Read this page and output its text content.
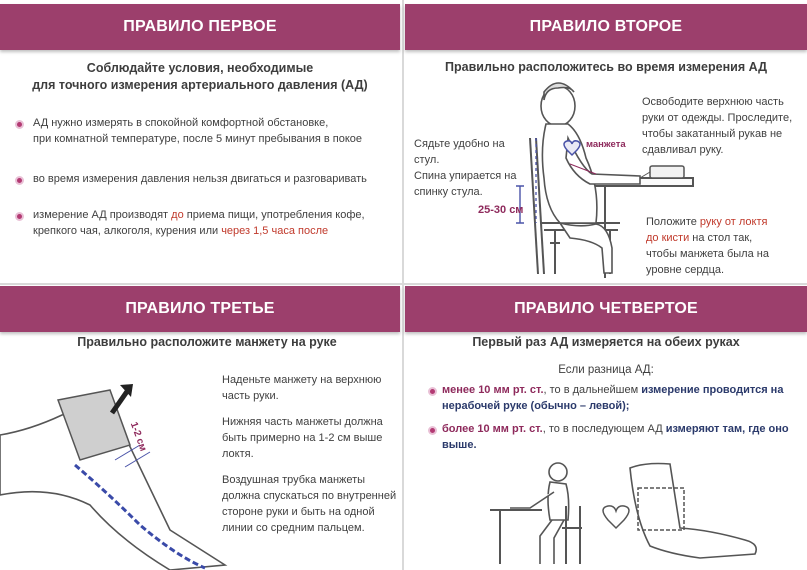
ПРАВИЛО ПЕРВОЕ
Соблюдайте условия, необходимые
для точного измерения артериального давления (АД)
АД нужно измерять в спокойной комфортной обстановке,
при комнатной температуре, после 5 минут пребывания в покое
во время измерения давления нельзя двигаться и разговаривать
измерение АД производят до приема пищи, употребления кофе,
крепкого чая, алкоголя, курения или через 1,5 часа после
ПРАВИЛО ВТОРОЕ
Правильно расположитесь во время измерения АД
манжета
25-30 см
Сядьте удобно на стул.
Спина упирается на
спинку стула.
Освободите верхнюю часть
руки от одежды. Проследите,
чтобы закатанный рукав не
сдавливал руку.
Положите руку от локтя
до кисти на стол так,
чтобы манжета была на
уровне сердца.
ПРАВИЛО ТРЕТЬЕ
Правильно расположите манжету на руке
1-2 см
Наденьте манжету на верхнюю
часть руки.
Нижняя часть манжеты должна
быть примерно на 1-2 см выше
локтя.
Воздушная трубка манжеты
должна спускаться по внутренней
стороне руки и быть на одной
линии со средним пальцем.
ПРАВИЛО ЧЕТВЕРТОЕ
Первый раз АД измеряется на обеих руках
Если разница АД:
менее 10 мм рт. ст., то в дальнейшем измерение проводится на
нерабочей руке (обычно – левой);
более 10 мм рт. ст., то в последующем АД измеряют там, где оно
выше.
